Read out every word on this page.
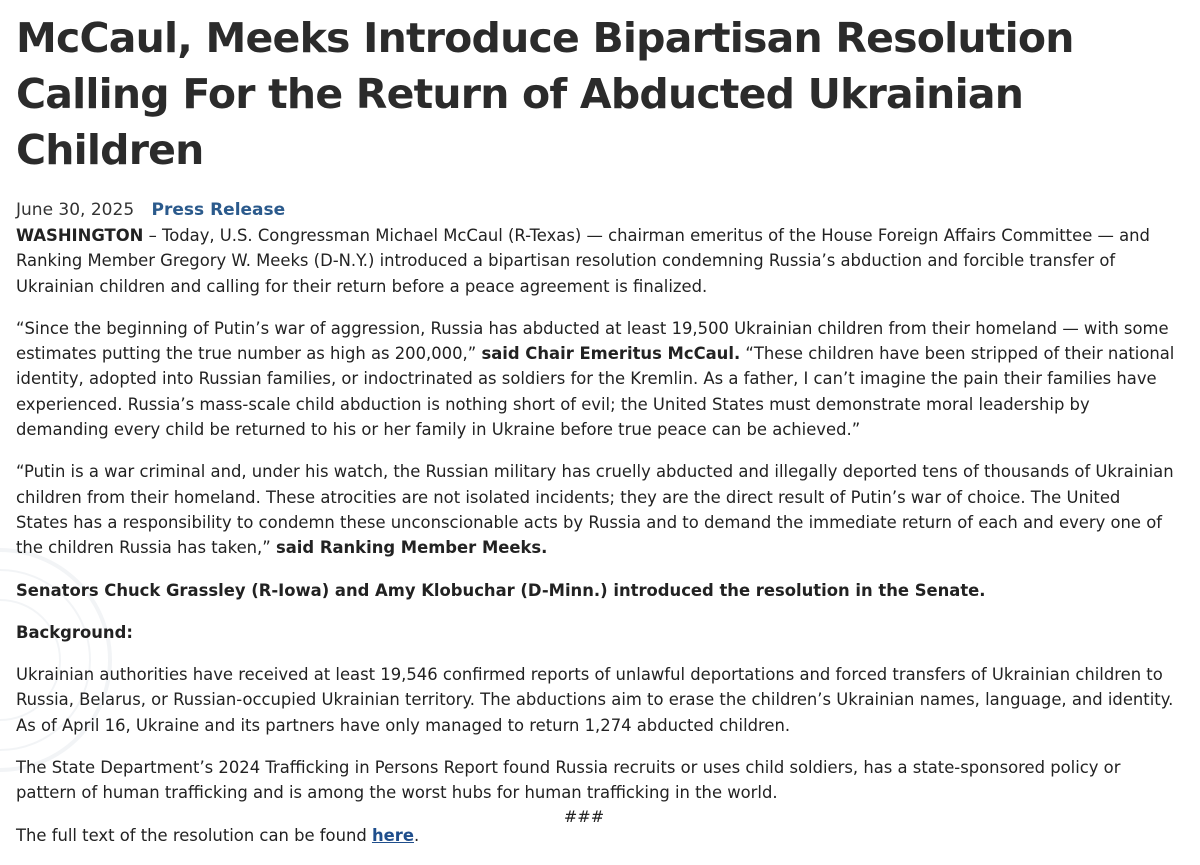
McCaul, Meeks Introduce Bipartisan Resolution Calling For the Return of Abducted Ukrainian Children
June 30, 2025 Press Release

WASHINGTON – Today, U.S. Congressman Michael McCaul (R-Texas) — chairman emeritus of the House Foreign Affairs Committee — and Ranking Member Gregory W. Meeks (D-N.Y.) introduced a bipartisan resolution condemning Russia’s abduction and forcible transfer of Ukrainian children and calling for their return before a peace agreement is finalized.

“Since the beginning of Putin’s war of aggression, Russia has abducted at least 19,500 Ukrainian children from their homeland — with some estimates putting the true number as high as 200,000,” said Chair Emeritus McCaul. “These children have been stripped of their national identity, adopted into Russian families, or indoctrinated as soldiers for the Kremlin. As a father, I can’t imagine the pain their families have experienced. Russia’s mass-scale child abduction is nothing short of evil; the United States must demonstrate moral leadership by demanding every child be returned to his or her family in Ukraine before true peace can be achieved.”

“Putin is a war criminal and, under his watch, the Russian military has cruelly abducted and illegally deported tens of thousands of Ukrainian children from their homeland. These atrocities are not isolated incidents; they are the direct result of Putin’s war of choice. The United States has a responsibility to condemn these unconscionable acts by Russia and to demand the immediate return of each and every one of the children Russia has taken,” said Ranking Member Meeks.

Senators Chuck Grassley (R-Iowa) and Amy Klobuchar (D-Minn.) introduced the resolution in the Senate.

Background:

Ukrainian authorities have received at least 19,546 confirmed reports of unlawful deportations and forced transfers of Ukrainian children to Russia, Belarus, or Russian-occupied Ukrainian territory. The abductions aim to erase the children’s Ukrainian names, language, and identity. As of April 16, Ukraine and its partners have only managed to return 1,274 abducted children.

The State Department’s 2024 Trafficking in Persons Report found Russia recruits or uses child soldiers, has a state-sponsored policy or pattern of human trafficking and is among the worst hubs for human trafficking in the world.

The full text of the resolution can be found here.

###
